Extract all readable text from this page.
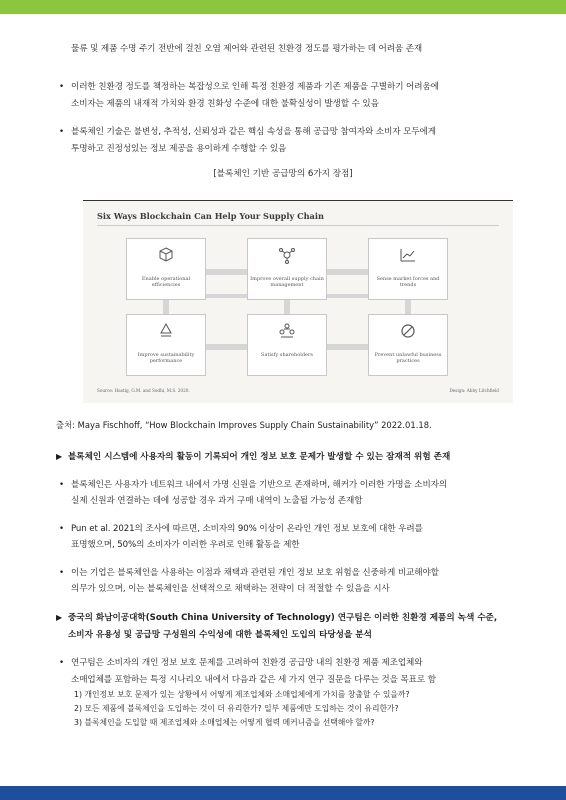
물류 및 제품 수명 주기 전반에 걸친 오염 제어와 관련된 친환경 정도를 평가하는 데 어려움 존재
• 이러한 친환경 정도를 책정하는 복잡성으로 인해 특정 친환경 제품과 기존 제품을 구별하기 어려움에
소비자는 제품의 내재적 가치와 환경 친화성 수준에 대한 불확실성이 발생할 수 있음
• 블록체인 기술은 불변성, 추적성, 신뢰성과 같은 핵심 속성을 통해 공급망 참여자와 소비자 모두에게
투명하고 진정성있는 정보 제공을 용이하게 수행할 수 있음
[블록체인 기반 공급망의 6가지 장점]
Six Ways Blockchain Can Help Your Supply Chain
Enable operational efficiencies
Improve overall supply chain management
Sense market forces and trends
Improve sustainability performance
Satisfy shareholders	Prevent unlawful business practices
Source: Hastig, G.M. and Sodhi, M.S. 2020.	Design: Abby Litchfield
출처: Maya Fischhoff, “How Blockchain Improves Supply Chain Sustainability” 2022.01.18.
▶ 블록체인 시스템에 사용자의 활동이 기록되어 개인 정보 보호 문제가 발생할 수 있는 잠재적 위험 존재
• 블록체인은 사용자가 네트워크 내에서 가명 신원을 기반으로 존재하며, 해커가 이러한 가명을 소비자의
실제 신원과 연결하는 데에 성공할 경우 과거 구매 내역이 노출될 가능성 존재함
• Pun et al. 2021의 조사에 따르면, 소비자의 90% 이상이 온라인 개인 정보 보호에 대한 우려를
표명했으며, 50%의 소비자가 이러한 우려로 인해 활동을 제한
• 이는 기업은 블록체인을 사용하는 이점과 채택과 관련된 개인 정보 보호 위험을 신중하게 비교해야할
의무가 있으며, 이는 블록체인을 선택적으로 채택하는 전략이 더 적절할 수 있음을 시사
▶ 중국의 화남이공대학(South China University of Technology) 연구팀은 이러한 친환경 제품의 녹색 수준,
소비자 유용성 및 공급망 구성원의 수익성에 대한 블록체인 도입의 타당성을 분석
• 연구팀은 소비자의 개인 정보 보호 문제를 고려하여 친환경 공급망 내의 친환경 제품 제조업체와
소매업체를 포함하는 특정 시나리오 내에서 다음과 같은 세 가지 연구 질문을 다루는 것을 목표로 함
1) 개인정보 보호 문제가 있는 상황에서 어떻게 제조업체와 소매업체에게 가치를 창출할 수 있을까?
2) 모든 제품에 블록체인을 도입하는 것이 더 유리한가? 일부 제품에만 도입하는 것이 유리한가?
3) 블록체인을 도입할 때 제조업체와 소매업체는 어떻게 협력 메커니즘을 선택해야 할까?
